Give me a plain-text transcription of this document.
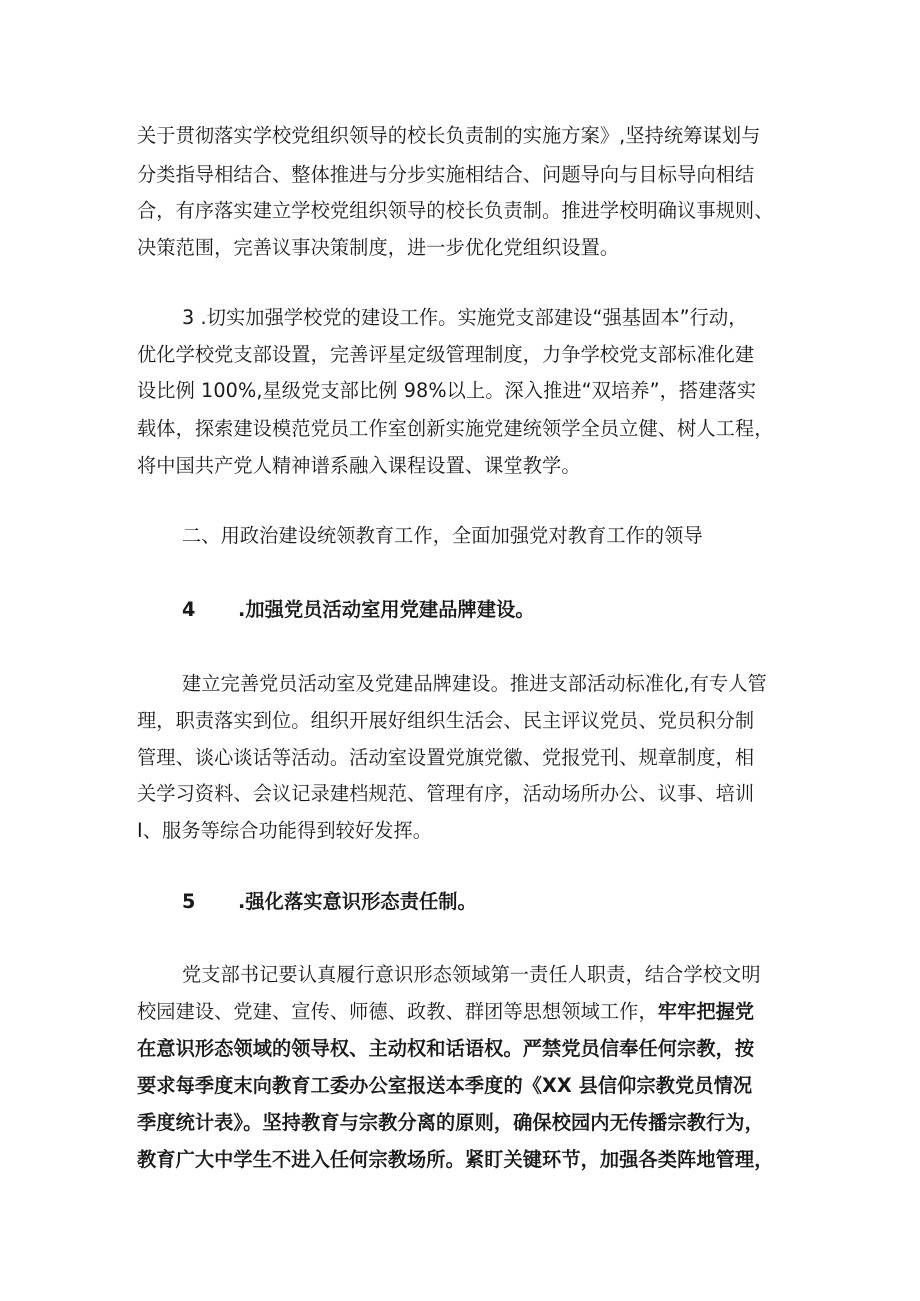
关于贯彻落实学校党组织领导的校长负责制的实施方案》,坚持统筹谋划与
分类指导相结合、整体推进与分步实施相结合、问题导向与目标导向相结
合，有序落实建立学校党组织领导的校长负责制。推进学校明确议事规则、
决策范围，完善议事决策制度，进一步优化党组织设置。
3 .切实加强学校党的建设工作。实施党支部建设“强基固本”行动，
优化学校党支部设置，完善评星定级管理制度，力争学校党支部标准化建
设比例 100%,星级党支部比例 98%以上。深入推进“双培养”，搭建落实
载体，探索建设模范党员工作室创新实施党建统领学全员立健、树人工程，
将中国共产党人精神谱系融入课程设置、课堂教学。
二、用政治建设统领教育工作，全面加强党对教育工作的领导
4 .加强党员活动室用党建品牌建设。
建立完善党员活动室及党建品牌建设。推进支部活动标准化,有专人管
理，职责落实到位。组织开展好组织生活会、民主评议党员、党员积分制
管理、谈心谈话等活动。活动室设置党旗党徽、党报党刊、规章制度，相
关学习资料、会议记录建档规范、管理有序，活动场所办公、议事、培训
I、服务等综合功能得到较好发挥。
5 .强化落实意识形态责任制。
党支部书记要认真履行意识形态领域第一责任人职责，结合学校文明
校园建设、党建、宣传、师德、政教、群团等思想领域工作，牢牢把握党
在意识形态领域的领导权、主动权和话语权。严禁党员信奉任何宗教，按
要求每季度末向教育工委办公室报送本季度的《XX 县信仰宗教党员情况
季度统计表》。坚持教育与宗教分离的原则，确保校园内无传播宗教行为，
教育广大中学生不进入任何宗教场所。紧盯关键环节，加强各类阵地管理，
